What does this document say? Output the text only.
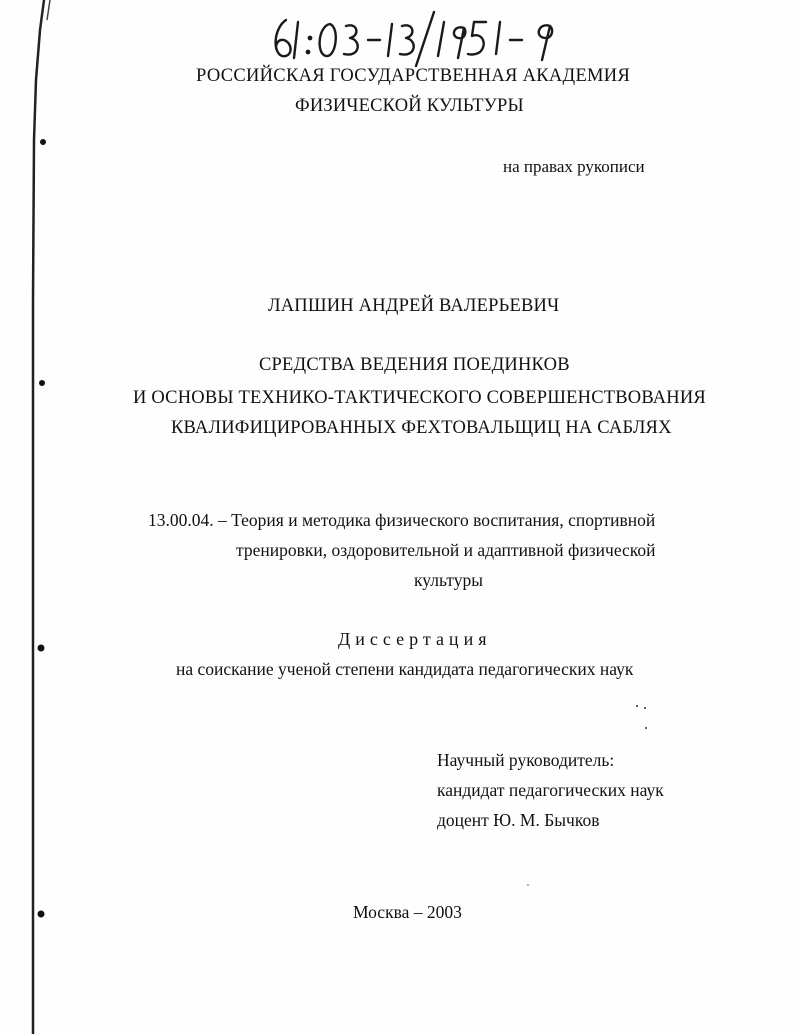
РОССИЙСКАЯ ГОСУДАРСТВЕННАЯ АКАДЕМИЯ
ФИЗИЧЕСКОЙ КУЛЬТУРЫ
на правах рукописи
ЛАПШИН АНДРЕЙ ВАЛЕРЬЕВИЧ
СРЕДСТВА ВЕДЕНИЯ ПОЕДИНКОВ
И ОСНОВЫ ТЕХНИКО-ТАКТИЧЕСКОГО СОВЕРШЕНСТВОВАНИЯ
КВАЛИФИЦИРОВАННЫХ ФЕХТОВАЛЬЩИЦ НА САБЛЯХ
13.00.04. – Теория и методика физического воспитания, спортивной
тренировки, оздоровительной и адаптивной физической
культуры
Диссертация
на соискание ученой степени кандидата педагогических наук
Научный руководитель:
кандидат педагогических наук
доцент Ю. М. Бычков
Москва – 2003
